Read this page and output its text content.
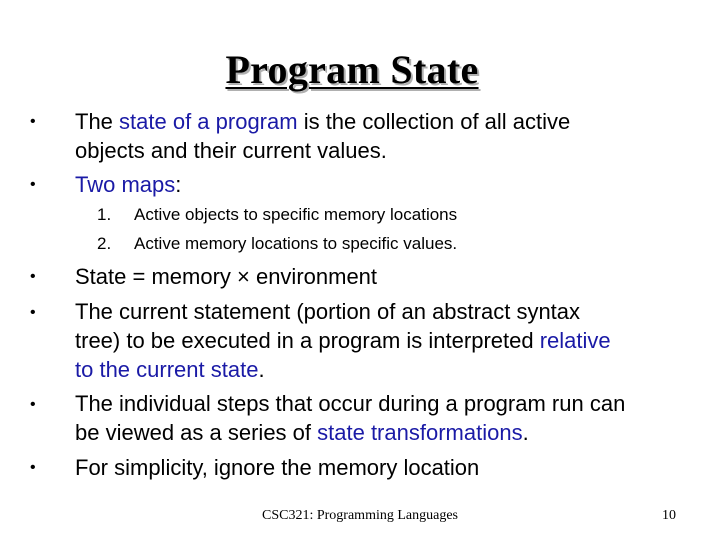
Program State
• The state of a program is the collection of all active
objects and their current values.
• Two maps:
1. Active objects to specific memory locations
2. Active memory locations to specific values.
• State = memory × environment
• The current statement (portion of an abstract syntax
tree) to be executed in a program is interpreted relative
to the current state.
• The individual steps that occur during a program run can
be viewed as a series of state transformations.
• For simplicity, ignore the memory location
CSC321: Programming Languages	10
